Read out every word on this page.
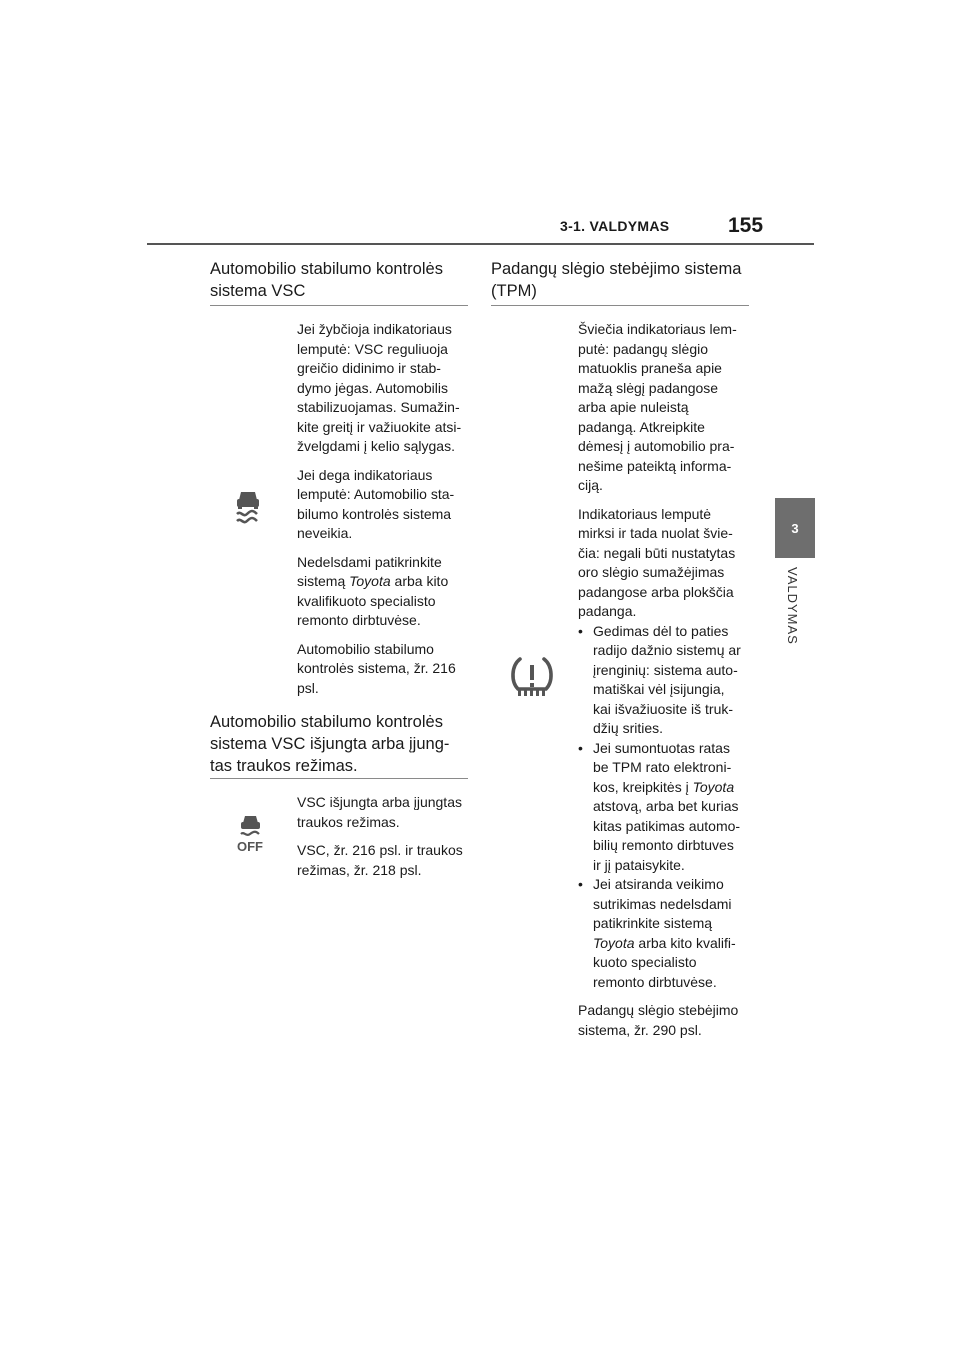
3-1. VALDYMAS	155
3
VALDYMAS
Automobilio stabilumo kontrolės
sistema VSC

Jei žybčioja indikatoriaus
lemputė: VSC reguliuoja
greičio didinimo ir stab-
dymo jėgas. Automobilis
stabilizuojamas. Sumažin-
kite greitį ir važiuokite atsi-
žvelgdami į kelio sąlygas.

Jei dega indikatoriaus
lemputė: Automobilio sta-
bilumo kontrolės sistema
neveikia.

Nedelsdami patikrinkite
sistemą Toyota arba kito
kvalifikuoto specialisto
remonto dirbtuvėse.

Automobilio stabilumo
kontrolės sistema, žr. 216
psl.

Automobilio stabilumo kontrolės
sistema VSC išjungta arba įjung-
tas traukos režimas.
OFF

VSC išjungta arba įjungtas
traukos režimas.

VSC, žr. 216 psl. ir traukos
režimas, žr. 218 psl.

Padangų slėgio stebėjimo sistema
(TPM)

Šviečia indikatoriaus lem-
putė: padangų slėgio
matuoklis praneša apie
mažą slėgį padangose
arba apie nuleistą
padangą. Atkreipkite
dėmesį į automobilio pra-
nešime pateiktą informa-
ciją.

Indikatoriaus lemputė
mirksi ir tada nuolat švie-
čia: negali būti nustatytas
oro slėgio sumažėjimas
padangose arba plokščia
padanga.

• Gedimas dėl to paties
radijo dažnio sistemų ar
įrenginių: sistema auto-
matiškai vėl įsijungia,
kai išvažiuosite iš truk-
džių srities.
• Jei sumontuotas ratas
be TPM rato elektroni-
kos, kreipkitės į Toyota
atstovą, arba bet kurias
kitas patikimas automo-
bilių remonto dirbtuves
ir jį pataisykite.
• Jei atsiranda veikimo
sutrikimas nedelsdami
patikrinkite sistemą
Toyota arba kito kvalifi-
kuoto specialisto
remonto dirbtuvėse.

Padangų slėgio stebėjimo
sistema, žr. 290 psl.
